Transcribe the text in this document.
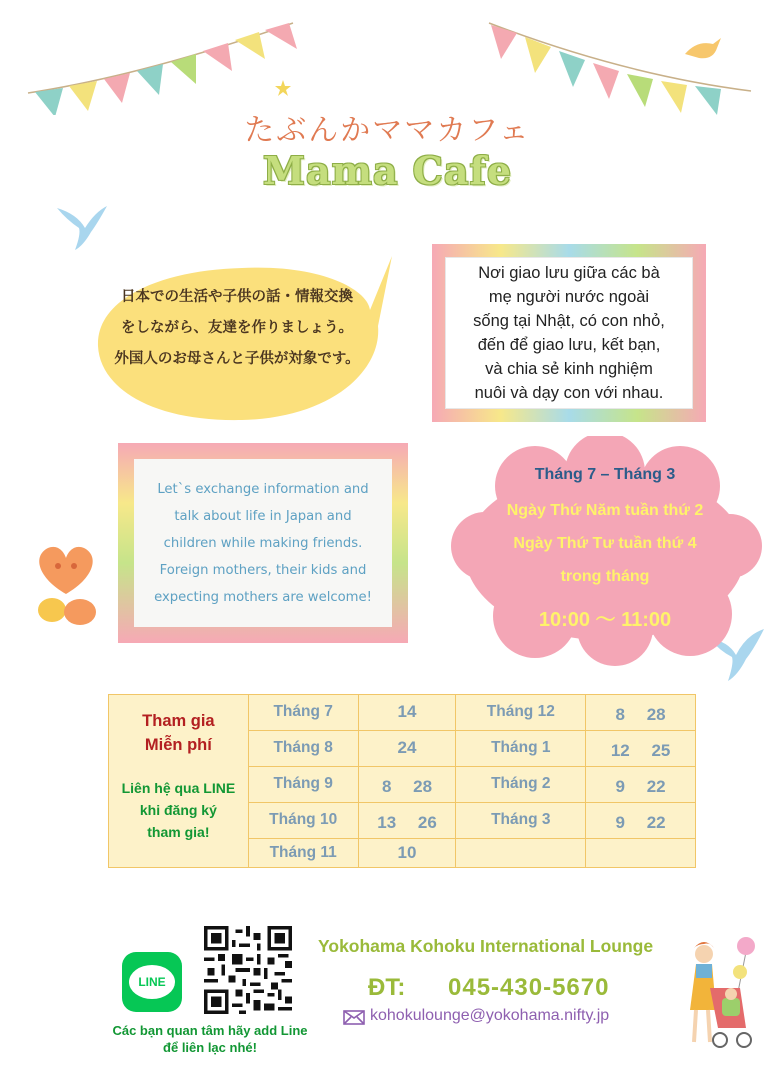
たぶんかママカフェ
Mama Cafe
日本での生活や子供の話・情報交換
をしながら、友達を作りましょう。
外国人のお母さんと子供が対象です。
Nơi giao lưu giữa các bà
mẹ người nước ngoài
sống tại Nhật, có con nhỏ,
đến để giao lưu, kết bạn,
và chia sẻ kinh nghiệm
nuôi và dạy con với nhau.
Let`s exchange information and
talk about life in Japan and
children while making friends.
Foreign mothers, their kids and
expecting mothers are welcome!
Tháng 7 – Tháng 3
Ngày Thứ Năm tuần thứ 2
Ngày Thứ Tư tuần thứ 4
trong tháng
10:00 ～ 11:00
Tham gia
Miễn phí
Liên hệ qua LINE
khi đăng ký
tham gia!	Tháng 7	14	Tháng 12	8 　28
	Tháng 8	24	Tháng 1	12 　25
	Tháng 9	8 　28	Tháng 2	9 　22
	Tháng 10	13 　26	Tháng 3	9 　22
	Tháng 11	10		
LINE
Các bạn quan tâm hãy add Line
để liên lạc nhé!
Yokohama Kohoku International Lounge
ĐT: 045-430-5670
kohokulounge@yokohama.nifty.jp
